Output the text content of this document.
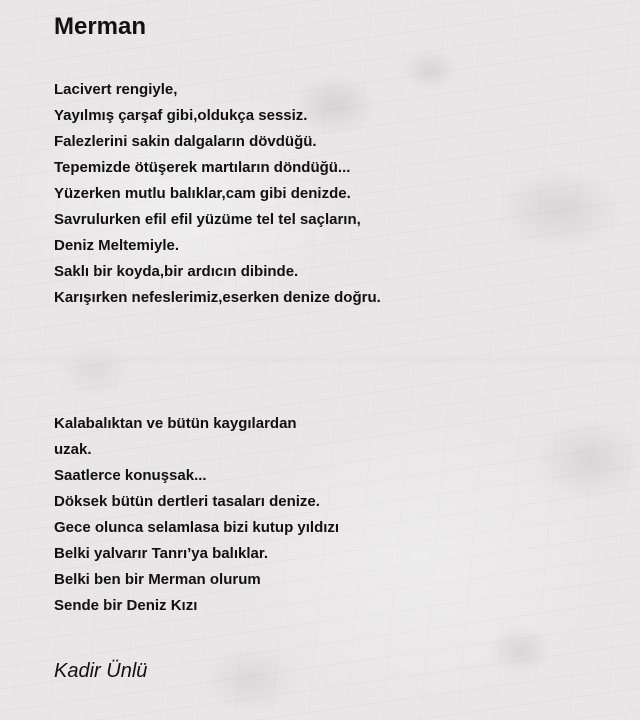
Merman
Lacivert rengiyle,
Yayılmış çarşaf gibi,oldukça sessiz.
Falezlerini sakin dalgaların dövdüğü.
Tepemizde ötüşerek martıların döndüğü...
Yüzerken mutlu balıklar,cam gibi denizde.
Savrulurken efil efil yüzüme tel tel saçların,
Deniz Meltemiyle.
Saklı bir koyda,bir ardıcın dibinde.
Karışırken nefeslerimiz,eserken denize doğru.
Kalabalıktan ve bütün kaygılardan
uzak.
Saatlerce konuşsak...
Döksek bütün dertleri tasaları denize.
Gece olunca selamlasa bizi kutup yıldızı
Belki yalvarır Tanrı’ya balıklar.
Belki ben bir Merman olurum
Sende bir Deniz Kızı

Kadir Ünlü
